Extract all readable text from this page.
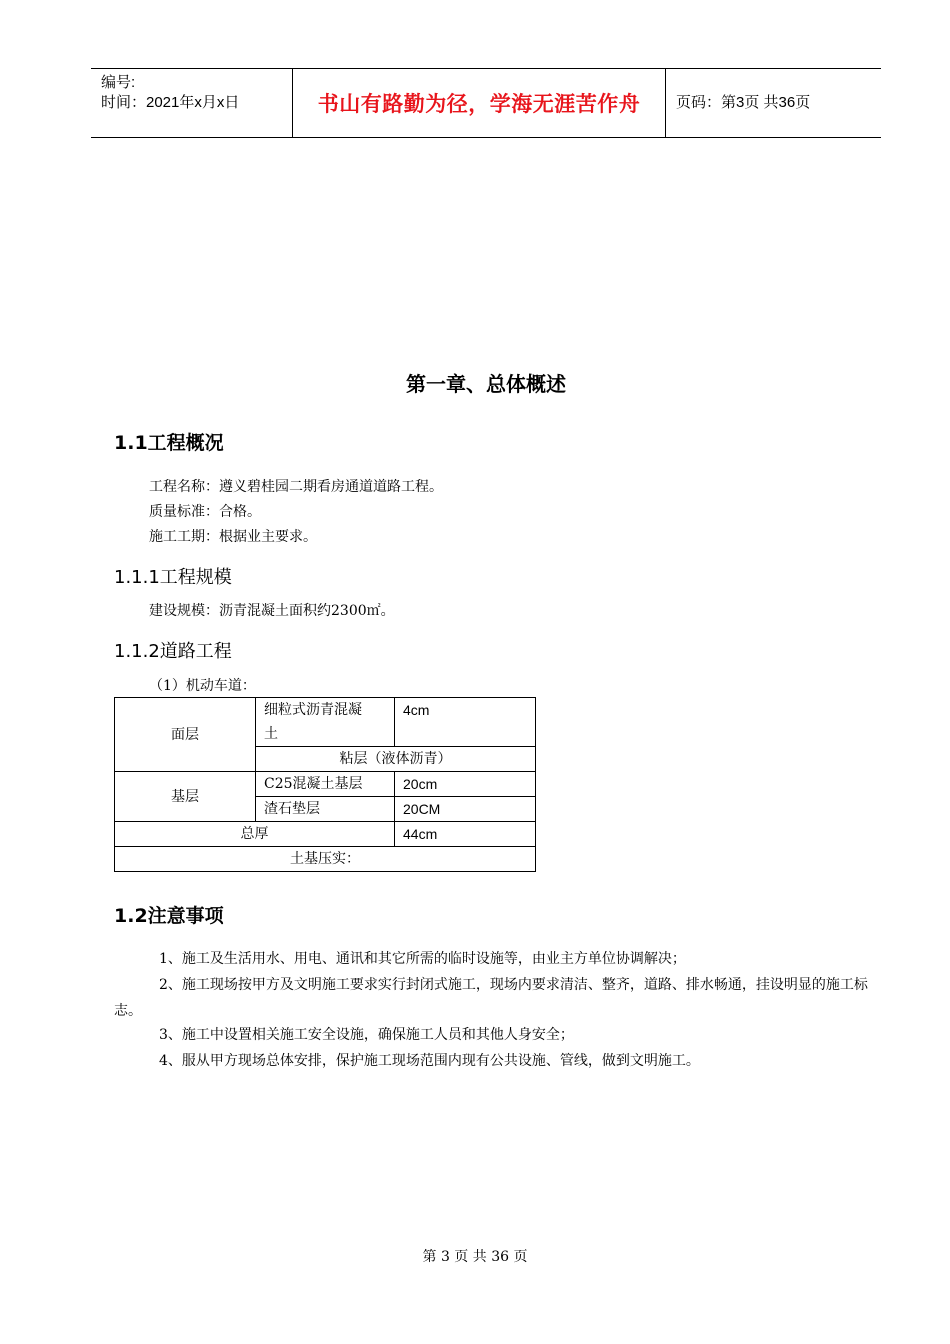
编号:
时间：2021年x月x日	书山有路勤为径，学海无涯苦作舟	页码：第3页 共36页
第一章、总体概述
1.1工程概况
工程名称：遵义碧桂园二期看房通道道路工程。
质量标准：合格。
施工工期：根据业主要求。
1.1.1工程规模
建设规模：沥青混凝土面积约2300㎡。
1.1.2道路工程
（1）机动车道：
面层	细粒式沥青混凝
土	4cm
	粘层（液体沥青）	
基层	C25混凝土基层	20cm
	渣石垫层	20CM
总厚		44cm
土基压实：		
1.2注意事项
1、施工及生活用水、用电、通讯和其它所需的临时设施等，由业主方单位协调解决；
2、施工现场按甲方及文明施工要求实行封闭式施工，现场内要求清洁、整齐，道路、排水畅通，挂设明显的施工标志。
3、施工中设置相关施工安全设施，确保施工人员和其他人身安全；
4、服从甲方现场总体安排，保护施工现场范围内现有公共设施、管线，做到文明施工。
第 3 页 共 36 页
